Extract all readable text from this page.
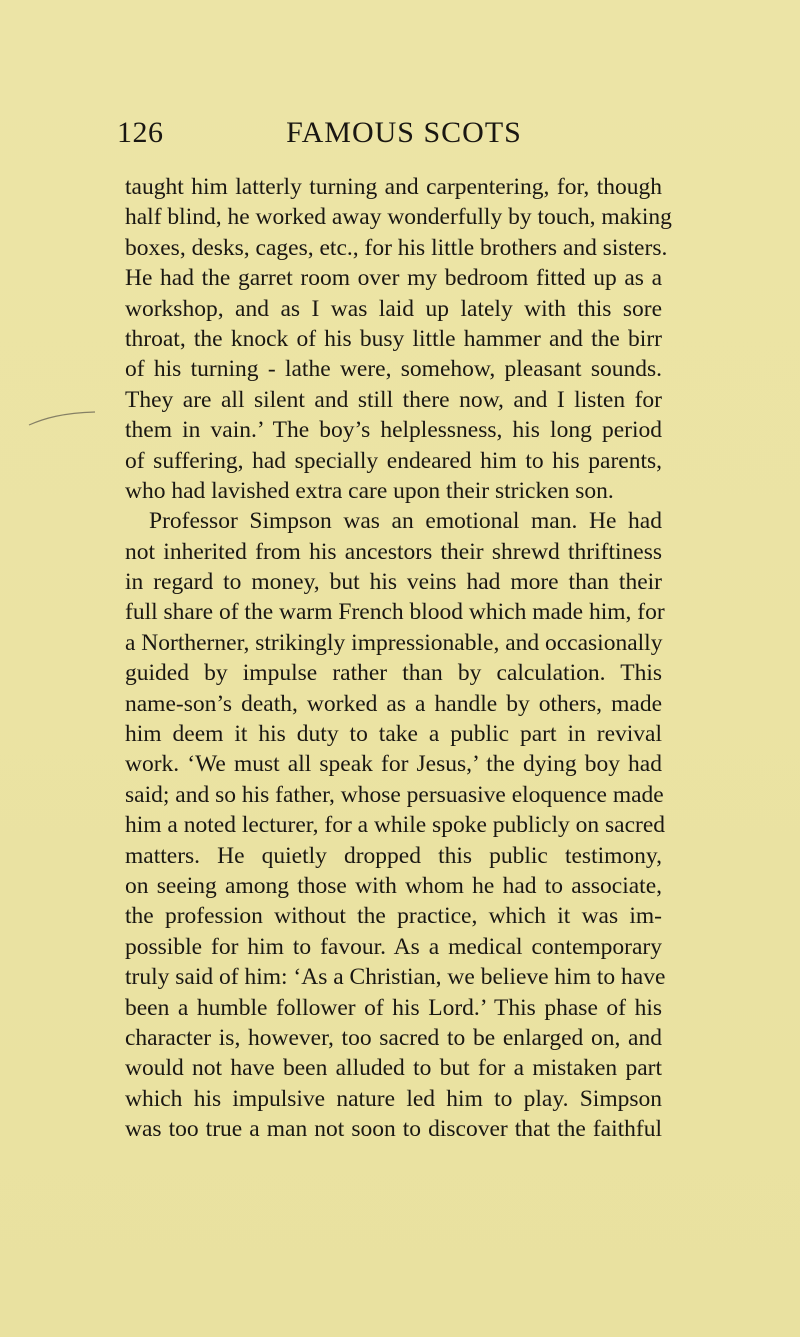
126	FAMOUS SCOTS
taught him latterly turning and carpentering, for, though
half blind, he worked away wonderfully by touch, making
boxes, desks, cages, etc., for his little brothers and sisters.
He had the garret room over my bedroom fitted up as a
workshop, and as I was laid up lately with this sore
throat, the knock of his busy little hammer and the birr
of his turning - lathe were, somehow, pleasant sounds.
They are all silent and still there now, and I listen for
them in vain.’ The boy’s helplessness, his long period
of suffering, had specially endeared him to his parents,
who had lavished extra care upon their stricken son.
Professor Simpson was an emotional man. He had
not inherited from his ancestors their shrewd thriftiness
in regard to money, but his veins had more than their
full share of the warm French blood which made him, for
a Northerner, strikingly impressionable, and occasionally
guided by impulse rather than by calculation. This
name-son’s death, worked as a handle by others, made
him deem it his duty to take a public part in revival
work. ‘We must all speak for Jesus,’ the dying boy had
said; and so his father, whose persuasive eloquence made
him a noted lecturer, for a while spoke publicly on sacred
matters. He quietly dropped this public testimony,
on seeing among those with whom he had to associate,
the profession without the practice, which it was im-
possible for him to favour. As a medical contemporary
truly said of him: ‘As a Christian, we believe him to have
been a humble follower of his Lord.’ This phase of his
character is, however, too sacred to be enlarged on, and
would not have been alluded to but for a mistaken part
which his impulsive nature led him to play. Simpson
was too true a man not soon to discover that the faithful
